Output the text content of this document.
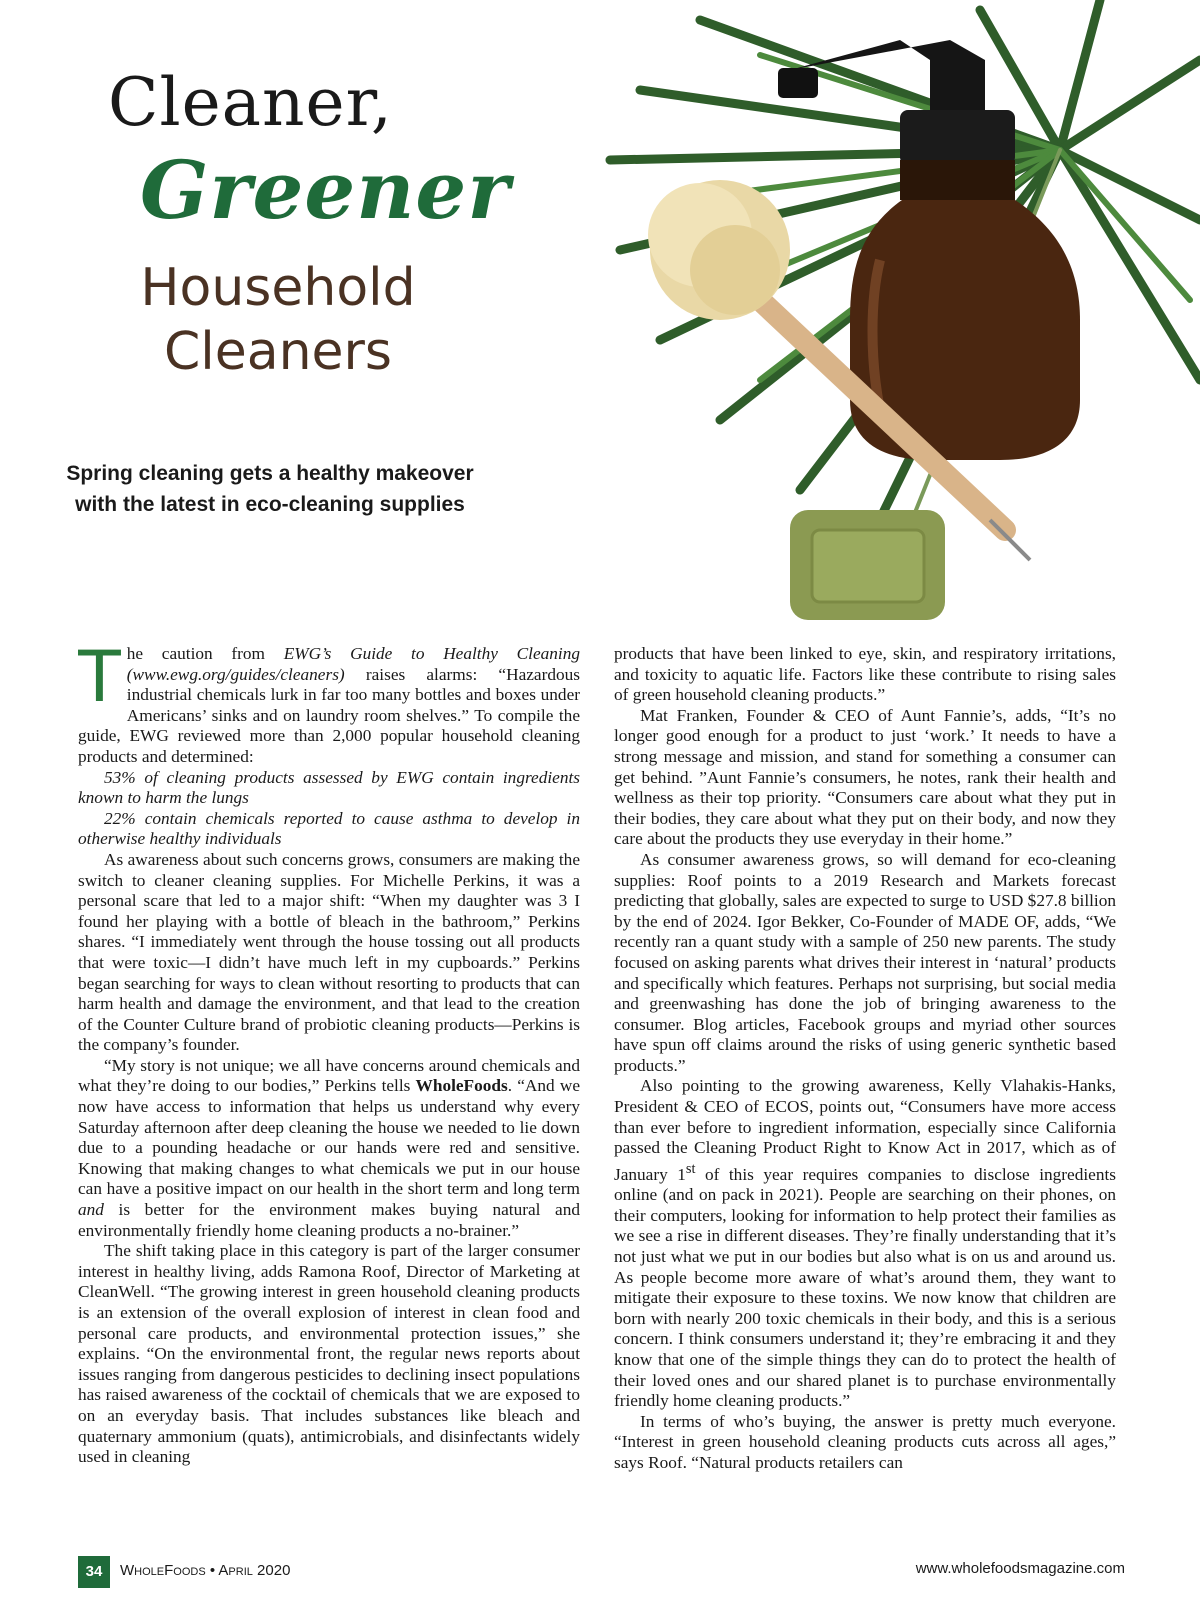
Cleaner,
Greener
Household
Cleaners
Spring cleaning gets a healthy makeover
with the latest in eco-cleaning supplies

The caution from EWG’s Guide to Healthy Cleaning (www.ewg.org/guides/cleaners) raises alarms: “Hazardous industrial chemicals lurk in far too many bottles and boxes under Americans’ sinks and on laundry room shelves.” To compile the guide, EWG reviewed more than 2,000 popular household cleaning products and determined:

53% of cleaning products assessed by EWG contain ingredients known to harm the lungs

22% contain chemicals reported to cause asthma to develop in otherwise healthy individuals

As awareness about such concerns grows, consumers are making the switch to cleaner cleaning supplies. For Michelle Perkins, it was a personal scare that led to a major shift: “When my daughter was 3 I found her playing with a bottle of bleach in the bathroom,” Perkins shares. “I immediately went through the house tossing out all products that were toxic—I didn’t have much left in my cupboards.” Perkins began searching for ways to clean without resorting to products that can harm health and damage the environment, and that lead to the creation of the Counter Culture brand of probiotic cleaning products—Perkins is the company’s founder.

“My story is not unique; we all have concerns around chemicals and what they’re doing to our bodies,” Perkins tells WholeFoods. “And we now have access to information that helps us understand why every Saturday afternoon after deep cleaning the house we needed to lie down due to a pounding headache or our hands were red and sensitive. Knowing that making changes to what chemicals we put in our house can have a positive impact on our health in the short term and long term and is better for the environment makes buying natural and environmentally friendly home cleaning products a no-brainer.”

The shift taking place in this category is part of the larger consumer interest in healthy living, adds Ramona Roof, Director of Marketing at CleanWell. “The growing interest in green household cleaning products is an extension of the overall explosion of interest in clean food and personal care products, and environmental protection issues,” she explains. “On the environmental front, the regular news reports about issues ranging from dangerous pesticides to declining insect populations has raised awareness of the cocktail of chemicals that we are exposed to on an everyday basis. That includes substances like bleach and quaternary ammonium (quats), antimicrobials, and disinfectants widely used in cleaning

products that have been linked to eye, skin, and respiratory irritations, and toxicity to aquatic life. Factors like these contribute to rising sales of green household cleaning products.”

Mat Franken, Founder & CEO of Aunt Fannie’s, adds, “It’s no longer good enough for a product to just ‘work.’ It needs to have a strong message and mission, and stand for something a consumer can get behind. ”Aunt Fannie’s consumers, he notes, rank their health and wellness as their top priority. “Consumers care about what they put in their bodies, they care about what they put on their body, and now they care about the products they use everyday in their home.”

As consumer awareness grows, so will demand for eco-cleaning supplies: Roof points to a 2019 Research and Markets forecast predicting that globally, sales are expected to surge to USD $27.8 billion by the end of 2024. Igor Bekker, Co-Founder of MADE OF, adds, “We recently ran a quant study with a sample of 250 new parents. The study focused on asking parents what drives their interest in ‘natural’ products and specifically which features. Perhaps not surprising, but social media and greenwashing has done the job of bringing awareness to the consumer. Blog articles, Facebook groups and myriad other sources have spun off claims around the risks of using generic synthetic based products.”

Also pointing to the growing awareness, Kelly Vlahakis-Hanks, President & CEO of ECOS, points out, “Consumers have more access than ever before to ingredient information, especially since California passed the Cleaning Product Right to Know Act in 2017, which as of January 1st of this year requires companies to disclose ingredients online (and on pack in 2021). People are searching on their phones, on their computers, looking for information to help protect their families as we see a rise in different diseases. They’re finally understanding that it’s not just what we put in our bodies but also what is on us and around us. As people become more aware of what’s around them, they want to mitigate their exposure to these toxins. We now know that children are born with nearly 200 toxic chemicals in their body, and this is a serious concern. I think consumers understand it; they’re embracing it and they know that one of the simple things they can do to protect the health of their loved ones and our shared planet is to purchase environmentally friendly home cleaning products.”

In terms of who’s buying, the answer is pretty much everyone. “Interest in green household cleaning products cuts across all ages,” says Roof. “Natural products retailers can

34	WholeFoods • April 2020	www.wholefoodsmagazine.com
